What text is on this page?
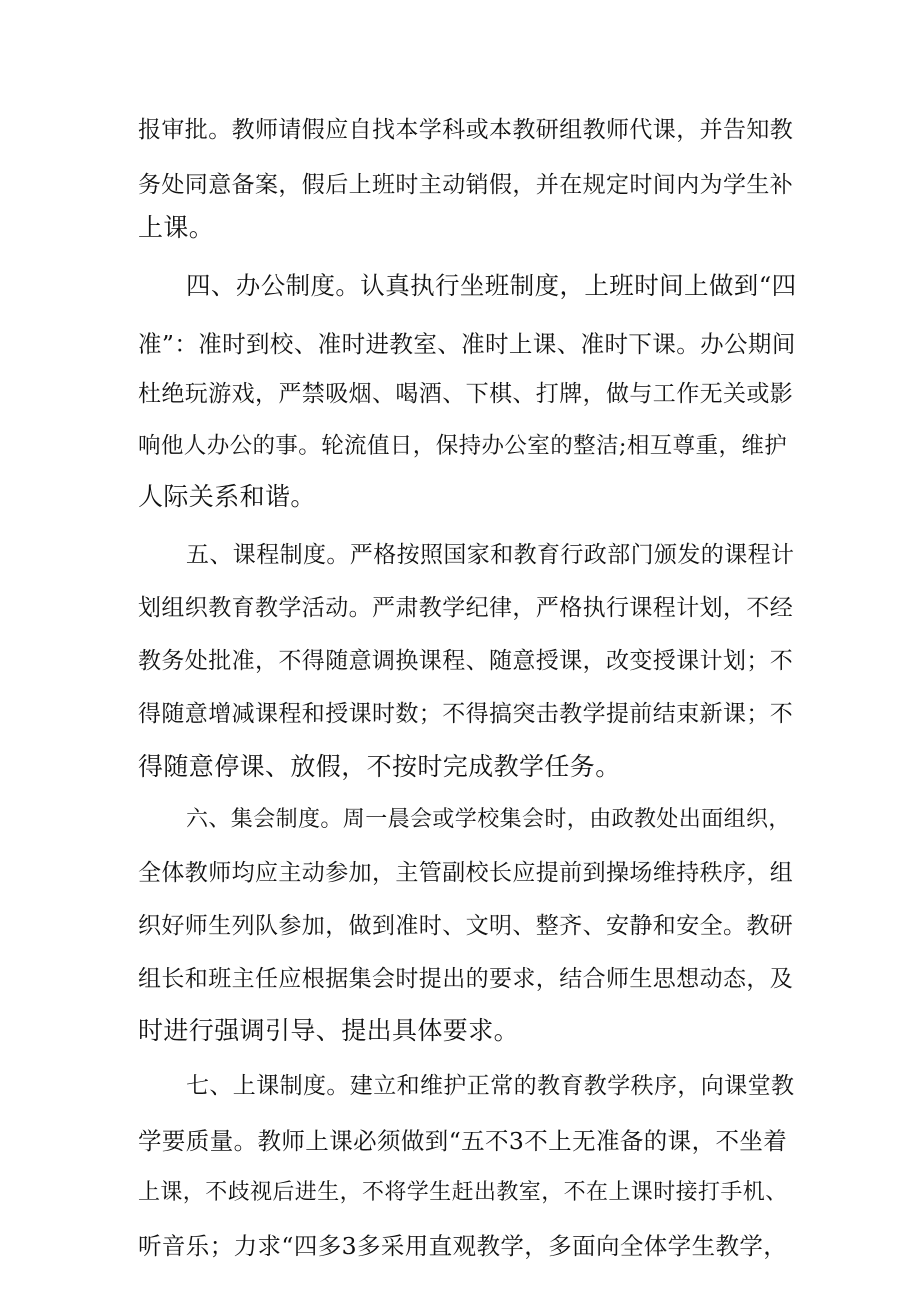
报审批。教师请假应自找本学科或本教研组教师代课，并告知教
务处同意备案，假后上班时主动销假，并在规定时间内为学生补
上课。
四、办公制度。认真执行坐班制度，上班时间上做到“四
准”：准时到校、准时进教室、准时上课、准时下课。办公期间
杜绝玩游戏，严禁吸烟、喝酒、下棋、打牌，做与工作无关或影
响他人办公的事。轮流值日，保持办公室的整洁;相互尊重，维护
人际关系和谐。
五、课程制度。严格按照国家和教育行政部门颁发的课程计
划组织教育教学活动。严肃教学纪律，严格执行课程计划，不经
教务处批准，不得随意调换课程、随意授课，改变授课计划；不
得随意增减课程和授课时数；不得搞突击教学提前结束新课；不
得随意停课、放假，不按时完成教学任务。
六、集会制度。周一晨会或学校集会时，由政教处出面组织，
全体教师均应主动参加，主管副校长应提前到操场维持秩序，组
织好师生列队参加，做到准时、文明、整齐、安静和安全。教研
组长和班主任应根据集会时提出的要求，结合师生思想动态，及
时进行强调引导、提出具体要求。
七、上课制度。建立和维护正常的教育教学秩序，向课堂教
学要质量。教师上课必须做到“五不3不上无准备的课，不坐着
上课，不歧视后进生，不将学生赶出教室，不在上课时接打手机、
听音乐；力求“四多3多采用直观教学，多面向全体学生教学，
